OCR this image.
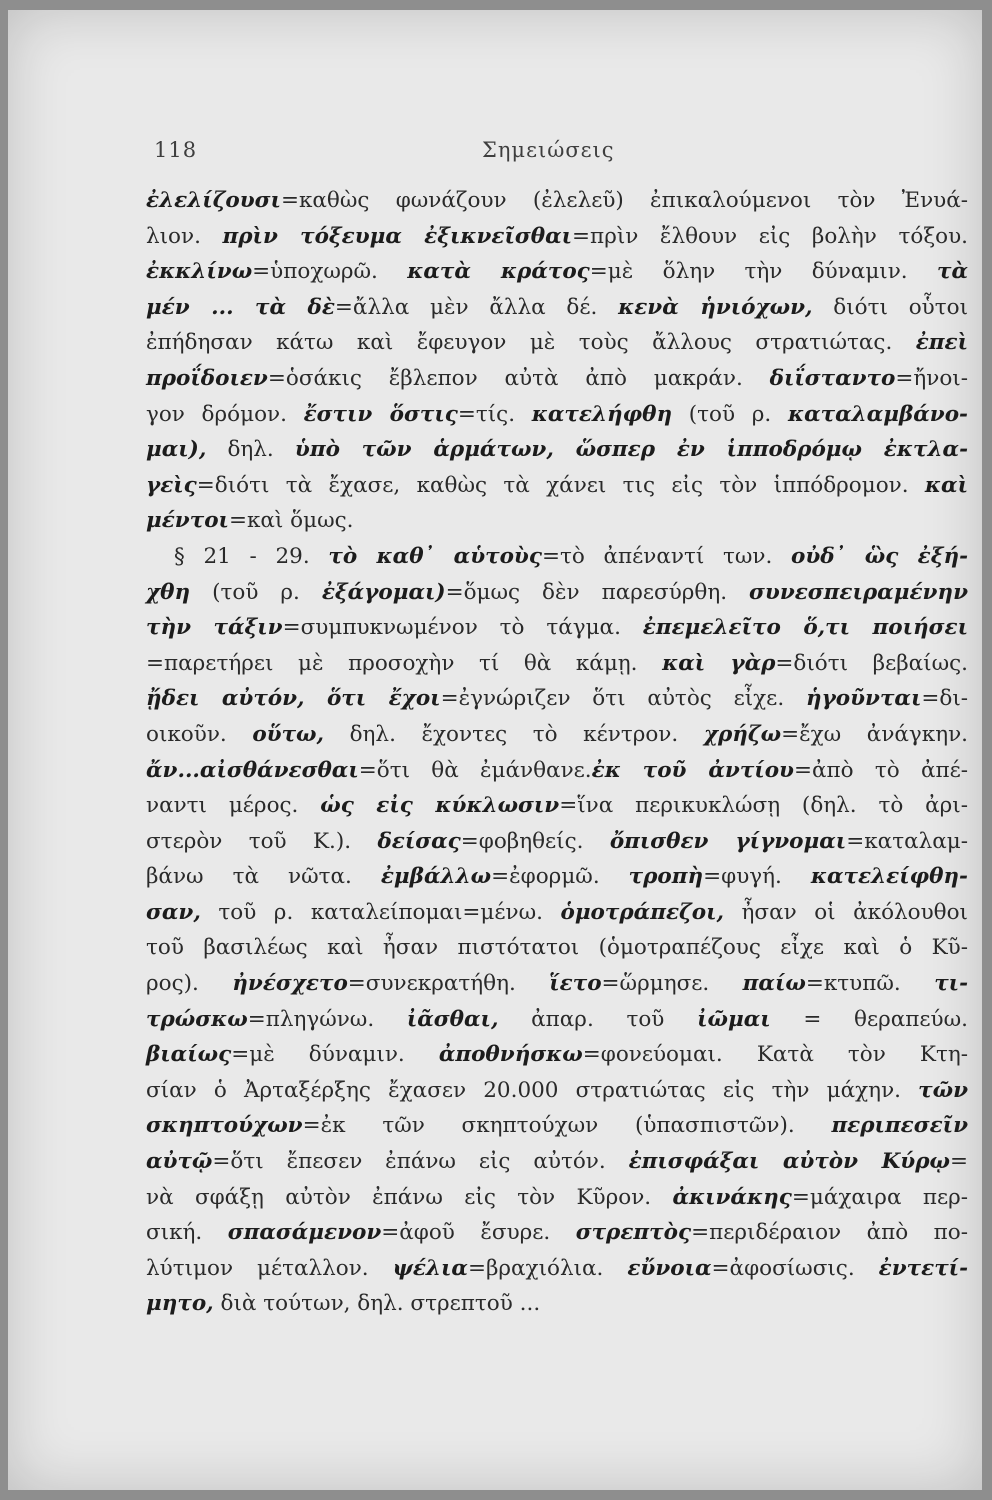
118	Σημειώσεις
ἐλελίζουσι=καθὼς φωνάζουν (ἐλελεῦ) ἐπικαλούμενοι τὸν Ἐνυά-
λιον. πρὶν τόξευμα ἐξικνεῖσθαι=πρὶν ἔλθουν εἰς βολὴν τόξου.
ἐκκλίνω=ὑποχωρῶ. κατὰ κράτος=μὲ ὅλην τὴν δύναμιν. τὰ
μέν ... τὰ δὲ=ἄλλα μὲν ἄλλα δέ. κενὰ ἡνιόχων, διότι οὗτοι
ἐπήδησαν κάτω καὶ ἔφευγον μὲ τοὺς ἄλλους στρατιώτας. ἐπεὶ
προΐδοιεν=ὁσάκις ἔβλεπον αὐτὰ ἀπὸ μακράν. διΐσταντο=ἤνοι-
γον δρόμον. ἔστιν ὅστις=τίς. κατελήφθη (τοῦ ρ. καταλαμβάνο-
μαι), δηλ. ὑπὸ τῶν ἁρμάτων, ὥσπερ ἐν ἱπποδρόμῳ ἐκτλα-
γεὶς=διότι τὰ ἔχασε, καθὼς τὰ χάνει τις εἰς τὸν ἱππόδρομον. καὶ
μέντοι=καὶ ὅμως.
§ 21 - 29. τὸ καθ᾿ αὑτοὺς=τὸ ἀπέναντί των. οὐδ᾿ ὣς ἐξή-
χθη (τοῦ ρ. ἐξάγομαι)=ὅμως δὲν παρεσύρθη. συνεσπειραμένην
τὴν τάξιν=συμπυκνωμένον τὸ τάγμα. ἐπεμελεῖτο ὅ,τι ποιήσει
=παρετήρει μὲ προσοχὴν τί θὰ κάμῃ. καὶ γὰρ=διότι βεβαίως.
ᾔδει αὐτόν, ὅτι ἔχοι=ἐγνώριζεν ὅτι αὐτὸς εἶχε. ἡγοῦνται=δι-
οικοῦν. οὕτω, δηλ. ἔχοντες τὸ κέντρον. χρήζω=ἔχω ἀνάγκην.
ἄν...αἰσθάνεσθαι=ὅτι θὰ ἐμάνθανε.ἐκ τοῦ ἀντίου=ἀπὸ τὸ ἀπέ-
ναντι μέρος. ὡς εἰς κύκλωσιν=ἵνα περικυκλώσῃ (δηλ. τὸ ἀρι-
στερὸν τοῦ Κ.). δείσας=φοβηθείς. ὄπισθεν γίγνομαι=καταλαμ-
βάνω τὰ νῶτα. ἐμβάλλω=ἐφορμῶ. τροπὴ=φυγή. κατελείφθη-
σαν, τοῦ ρ. καταλείπομαι=μένω. ὁμοτράπεζοι, ἦσαν οἱ ἀκόλουθοι
τοῦ βασιλέως καὶ ἦσαν πιστότατοι (ὁμοτραπέζους εἶχε καὶ ὁ Κῦ-
ρος). ἠνέσχετο=συνεκρατήθη. ἵετο=ὥρμησε. παίω=κτυπῶ. τι-
τρώσκω=πληγώνω. ἰᾶσθαι, ἀπαρ. τοῦ ἰῶμαι = θεραπεύω.
βιαίως=μὲ δύναμιν. ἀποθνήσκω=φονεύομαι. Κατὰ τὸν Κτη-
σίαν ὁ Ἀρταξέρξης ἔχασεν 20.000 στρατιώτας εἰς τὴν μάχην. τῶν
σκηπτούχων=ἐκ τῶν σκηπτούχων (ὑπασπιστῶν). περιπεσεῖν
αὐτῷ=ὅτι ἔπεσεν ἐπάνω εἰς αὐτόν. ἐπισφάξαι αὐτὸν Κύρῳ=
νὰ σφάξῃ αὐτὸν ἐπάνω εἰς τὸν Κῦρον. ἀκινάκης=μάχαιρα περ-
σική. σπασάμενον=ἀφοῦ ἔσυρε. στρεπτὸς=περιδέραιον ἀπὸ πο-
λύτιμον μέταλλον. ψέλια=βραχιόλια. εὔνοια=ἀφοσίωσις. ἐντετί-
μητο, διὰ τούτων, δηλ. στρεπτοῦ ...
